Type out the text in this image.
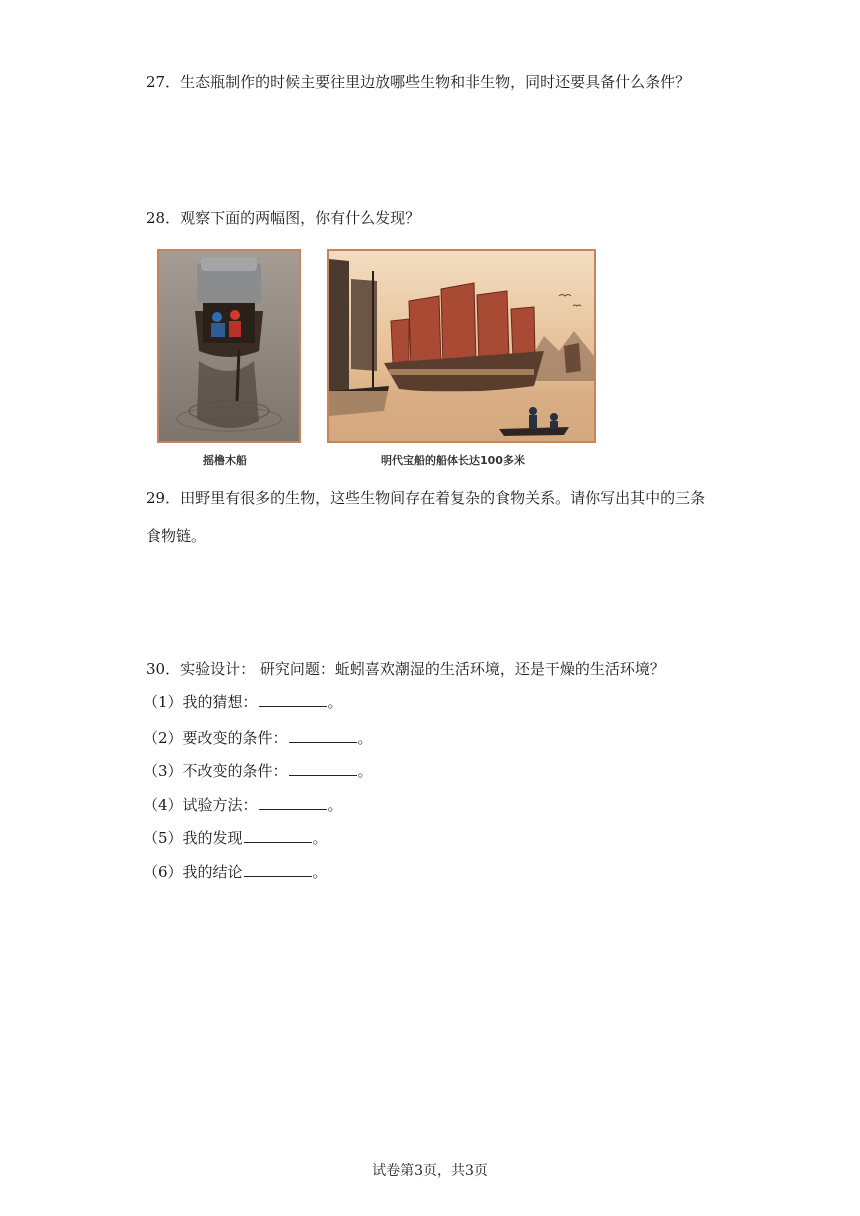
27．生态瓶制作的时候主要往里边放哪些生物和非生物，同时还要具备什么条件？
28．观察下面的两幅图，你有什么发现？
摇橹木船	明代宝船的船体长达100多米
29．田野里有很多的生物，这些生物间存在着复杂的食物关系。请你写出其中的三条食物链。
30．实验设计： 研究问题：蚯蚓喜欢潮湿的生活环境，还是干燥的生活环境？
（1）我的猜想：	。
（2）要改变的条件：	。
（3）不改变的条件：	。
（4）试验方法：	。
（5）我的发现	。
（6）我的结论	。
试卷第3页，共3页
